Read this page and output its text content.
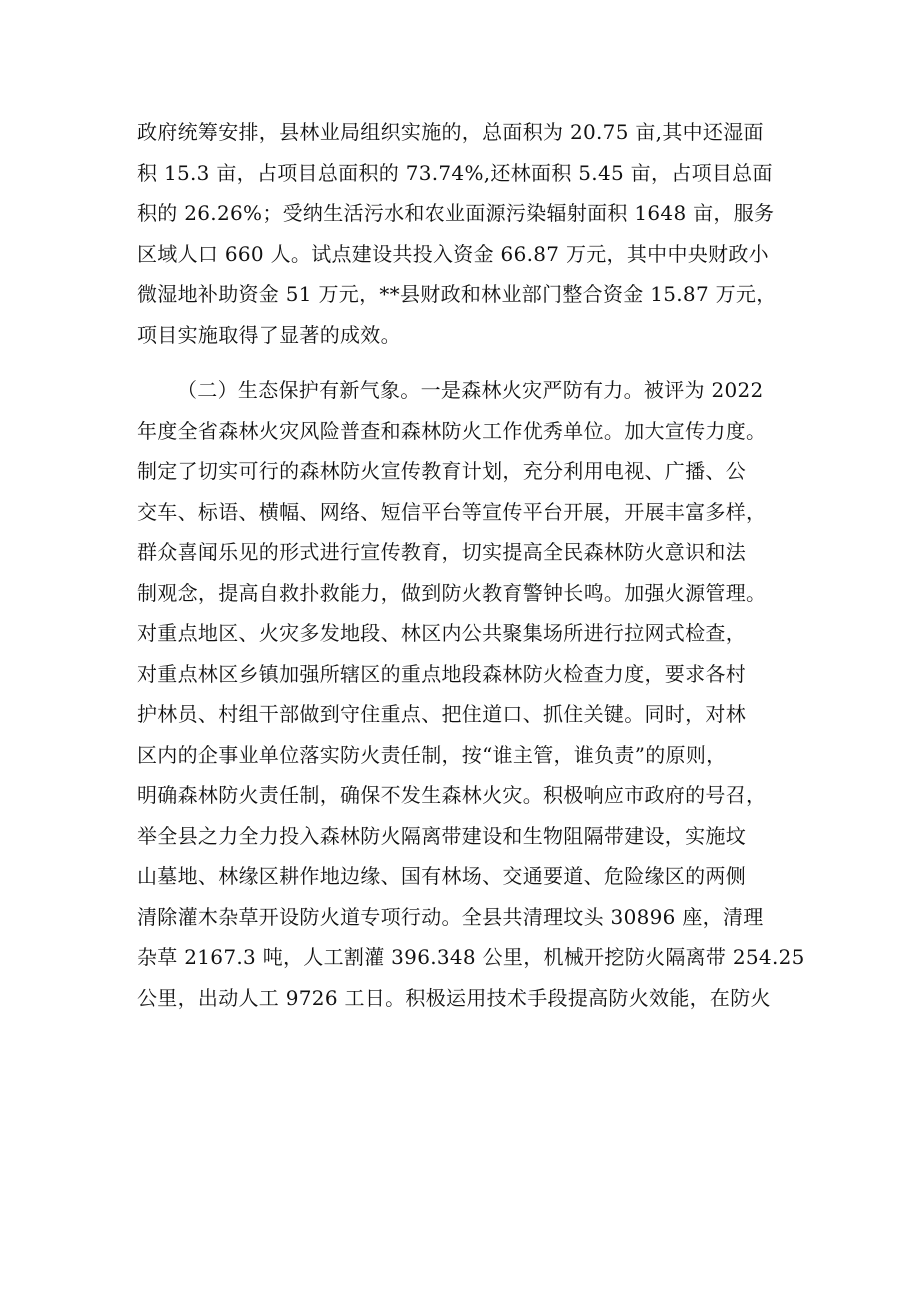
政府统筹安排，县林业局组织实施的，总面积为 20.75 亩,其中还湿面
积 15.3 亩，占项目总面积的 73.74%,还林面积 5.45 亩，占项目总面
积的 26.26%；受纳生活污水和农业面源污染辐射面积 1648 亩，服务
区域人口 660 人。试点建设共投入资金 66.87 万元，其中中央财政小
微湿地补助资金 51 万元，**县财政和林业部门整合资金 15.87 万元，
项目实施取得了显著的成效。
（二）生态保护有新气象。一是森林火灾严防有力。被评为 2022
年度全省森林火灾风险普查和森林防火工作优秀单位。加大宣传力度。
制定了切实可行的森林防火宣传教育计划，充分利用电视、广播、公
交车、标语、横幅、网络、短信平台等宣传平台开展，开展丰富多样，
群众喜闻乐见的形式进行宣传教育，切实提高全民森林防火意识和法
制观念，提高自救扑救能力，做到防火教育警钟长鸣。加强火源管理。
对重点地区、火灾多发地段、林区内公共聚集场所进行拉网式检查，
对重点林区乡镇加强所辖区的重点地段森林防火检查力度，要求各村
护林员、村组干部做到守住重点、把住道口、抓住关键。同时，对林
区内的企事业单位落实防火责任制，按“谁主管，谁负责”的原则，
明确森林防火责任制，确保不发生森林火灾。积极响应市政府的号召，
举全县之力全力投入森林防火隔离带建设和生物阻隔带建设，实施坟
山墓地、林缘区耕作地边缘、国有林场、交通要道、危险缘区的两侧
清除灌木杂草开设防火道专项行动。全县共清理坟头 30896 座，清理
杂草 2167.3 吨，人工割灌 396.348 公里，机械开挖防火隔离带 254.25
公里，出动人工 9726 工日。积极运用技术手段提高防火效能，在防火
